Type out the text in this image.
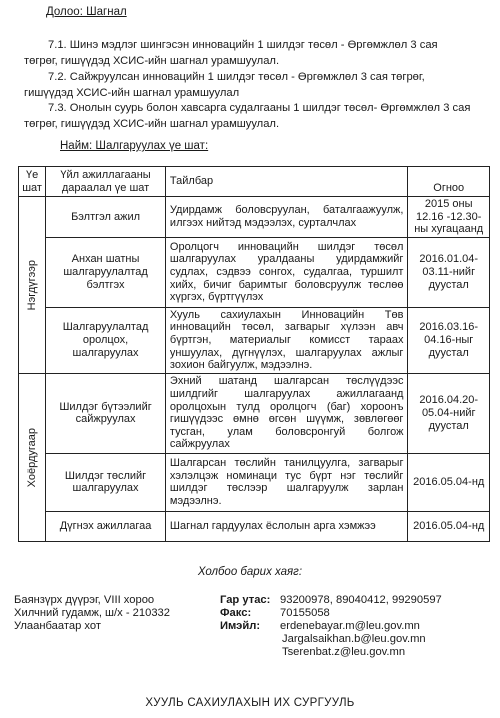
Долоо: Шагнал
7.1. Шинэ мэдлэг шингэсэн инновацийн 1 шилдэг төсөл - Өргөмжлөл 3 сая
төгрөг, гишүүдэд ХСИС-ийн шагнал урамшуулал.
7.2. Сайжруулсан инновацийн 1 шилдэг төсөл - Өргөмжлөл 3 сая төгрөг,
гишүүдэд ХСИС-ийн шагнал урамшуулал
7.3. Онолын суурь болон хавсарга судалгааны 1 шилдэг төсөл- Өргөмжлөл 3 сая
төгрөг, гишүүдэд ХСИС-ийн шагнал урамшуулал.
Найм: Шалгаруулах үе шат:
Үе шат	Үйл ажиллагааны дараалал үе шат	Тайлбар	Огноо

Нэгдүгээр	Бэлтгэл ажил	Удирдамж боловсруулан, баталгаажуулж, илгээх нийтэд мэдээлэх, сурталчлах	2015 оны 12.16 -12.30-ны хугацаанд
	Анхан шатны шалгаруулалтад бэлтгэх	Оролцогч инновацийн шилдэг төсөл шалгаруулах уралдааны удирдамжийг судлах, сэдвээ сонгох, судалгаа, туршилт хийх, бичиг баримтыг боловсруулж төслөө хүргэх, бүртгүүлэх	2016.01.04-03.11-нийг дуустал
	Шалгаруулалтад оролцох, шалгаруулах	Хууль сахиулахын Инновацийн Төв инновацийн төсөл, загварыг хүлээн авч бүртгэн, материалыг комисст тараах уншуулах, дүгнүүлэх, шалгаруулах ажлыг зохион байгуулж, мэдээлнэ.	2016.03.16-04.16-ныг дуустал

Хоёрдугаар	Шилдэг бүтээлийг сайжруулах	Эхний шатанд шалгарсан төслүүдээс шилдгийг шалгаруулах ажиллагаанд оролцохын тулд оролцогч (баг) хороонъ гишүүдээс өмнө өгсөн шүүмж, зөвлөгөөг тусган, улам боловсронгуй болгож сайжруулах	2016.04.20-05.04-нийг дуустал
	Шилдэг төслийг шалгаруулах	Шалгарсан төслийн танилцуулга, загварыг хэлэлцэж номинаци тус бүрт нэг төслийг шилдэг төслээр шалгаруулж зарлан мэдээлнэ.	2016.05.04-нд
	Дүгнэх ажиллагаа	Шагнал гардуулах ёслолын арга хэмжээ	2016.05.04-нд
Холбоо барих хаяг:
Баянзүрх дүүрэг, VIII хороо
Хилчний гудамж, ш/х - 210332
Улаанбаатар хот
Гар утас: 93200978, 89040412, 99290597
Факс:	70155058
Имэйл: erdenebayar.m@leu.gov.mn
Jargalsaikhan.b@leu.gov.mn
Tserenbat.z@leu.gov.mn
ХУУЛЬ САХИУЛАХЫН ИХ СУРГУУЛЬ
